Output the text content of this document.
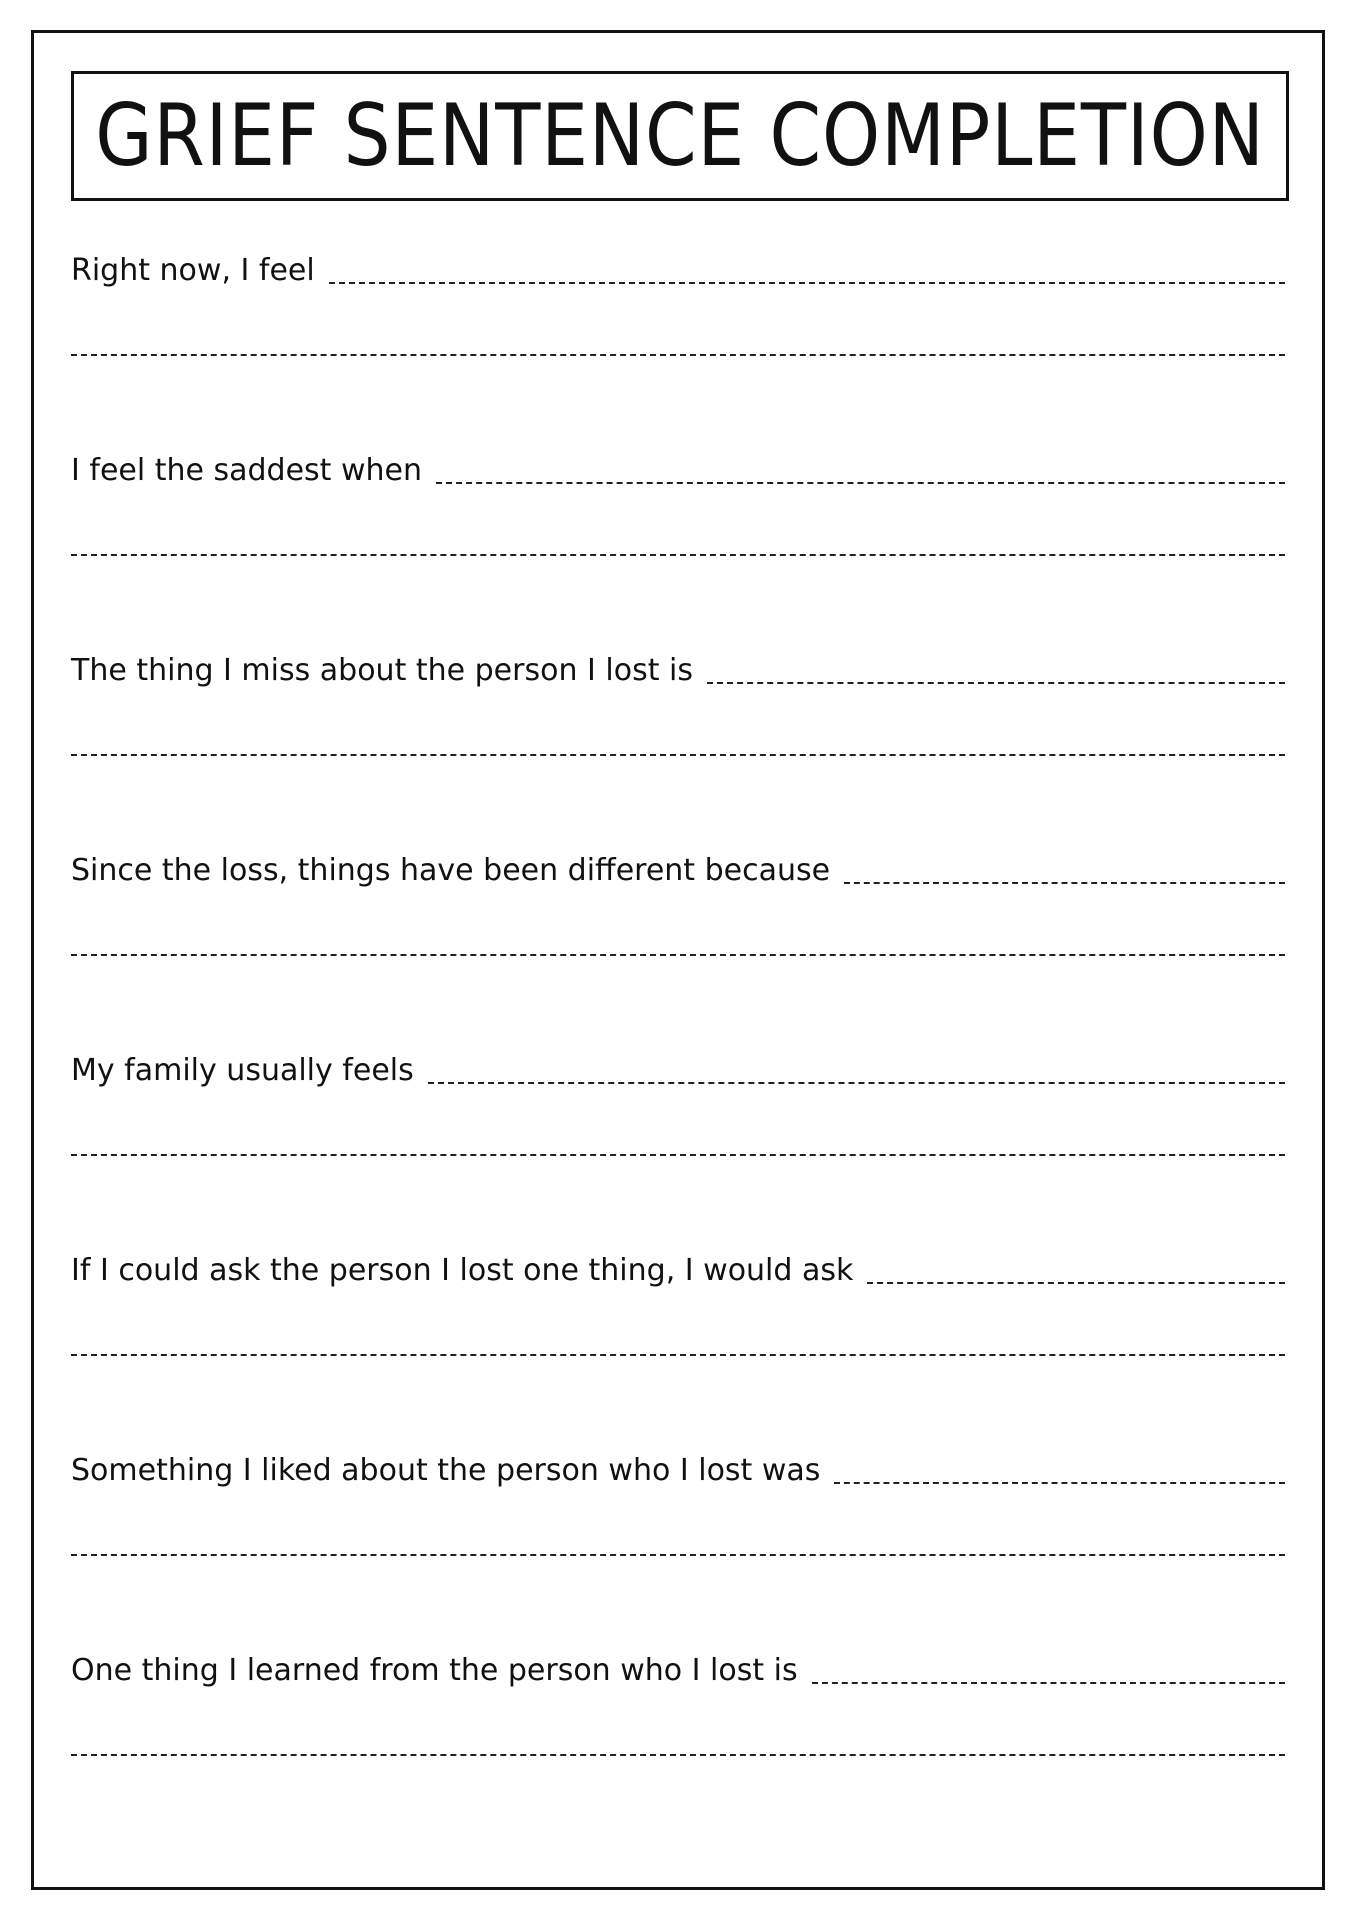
GRIEF SENTENCE COMPLETION
Right now, I feel
I feel the saddest when
The thing I miss about the person I lost is
Since the loss, things have been different because
My family usually feels
If I could ask the person I lost one thing, I would ask
Something I liked about the person who I lost was
One thing I learned from the person who I lost is
